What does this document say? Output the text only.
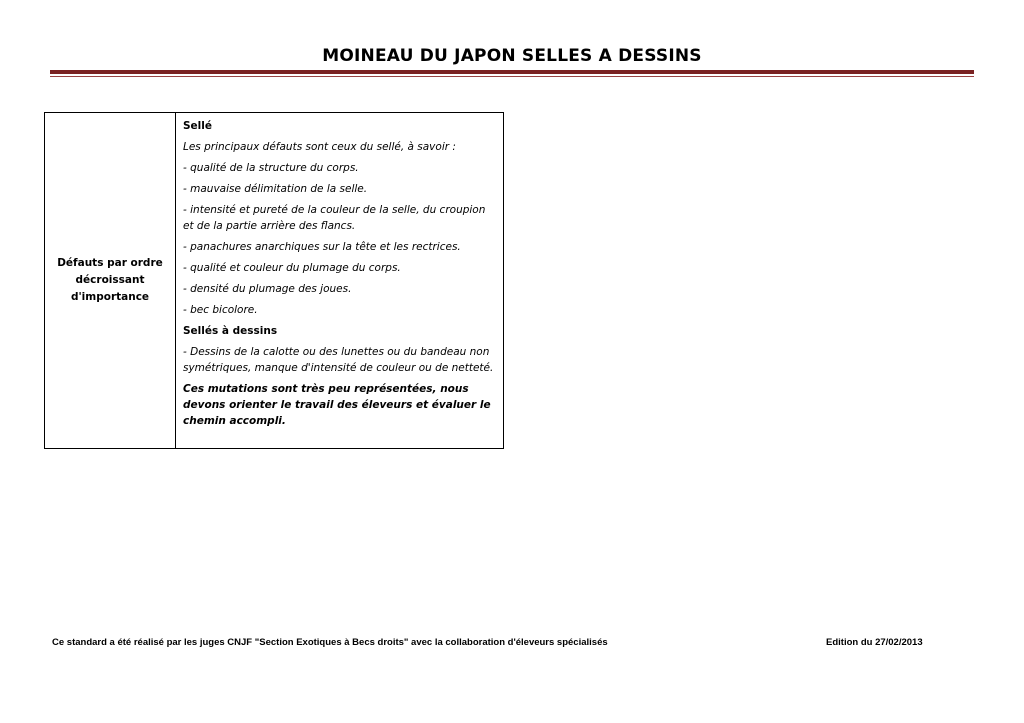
MOINEAU DU JAPON SELLES A DESSINS
Défauts par ordre décroissant d'importance
Sellé
Les principaux défauts sont ceux du sellé, à savoir :
- qualité de la structure du corps.
- mauvaise délimitation de la selle.
- intensité et pureté de la couleur de la selle, du croupion et de la partie arrière des flancs.
- panachures anarchiques sur la tête et les rectrices.
- qualité et couleur du plumage du corps.
- densité du plumage des joues.
- bec bicolore.
Sellés à dessins
- Dessins de la calotte ou des lunettes ou du bandeau non symétriques, manque d'intensité de couleur ou de netteté.
Ces mutations sont très peu représentées, nous devons orienter le travail des éleveurs et évaluer le chemin accompli.
Ce standard a été réalisé par les juges CNJF "Section Exotiques à Becs droits" avec la collaboration d'éleveurs spécialisés	Edition du 27/02/2013
